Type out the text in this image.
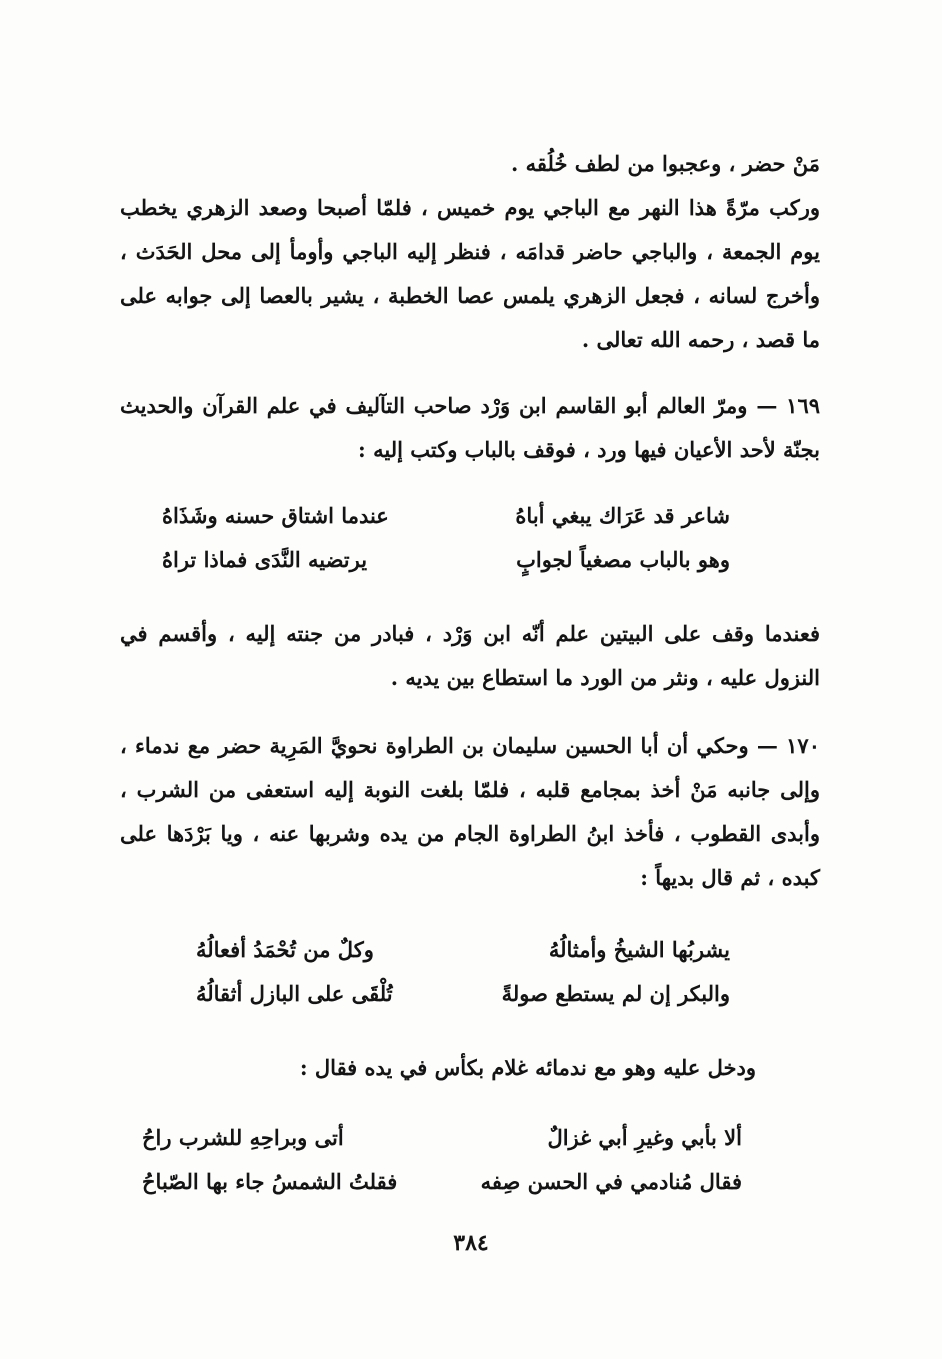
مَنْ حضر ، وعجبوا من لطف خُلُقه .

وركب مرّةً هذا النهر مع الباجي يوم خميس ، فلمّا أصبحا وصعد الزهري يخطب يوم الجمعة ، والباجي حاضر قدامَه ، فنظر إليه الباجي وأومأ إلى محل الحَدَث ، وأخرج لسانه ، فجعل الزهري يلمس عصا الخطبة ، يشير بالعصا إلى جوابه على ما قصد ، رحمه الله تعالى .

١٦٩ — ومرّ العالم أبو القاسم ابن وَرْد صاحب التآليف في علم القرآن والحديث بجنّة لأحد الأعيان فيها ورد ، فوقف بالباب وكتب إليه :

شاعر قد عَرَاك يبغي أباهُ
عندما اشتاق حسنه وشَذَاهُ
وهو بالباب مصغياً لجوابٍ
يرتضيه النَّدَى فماذا تراهُ

فعندما وقف على البيتين علم أنّه ابن وَرْد ، فبادر من جنته إليه ، وأقسم في النزول عليه ، ونثر من الورد ما استطاع بين يديه .

١٧٠ — وحكي أن أبا الحسين سليمان بن الطراوة نحويَّ المَرِية حضر مع ندماء ، وإلى جانبه مَنْ أخذ بمجامع قلبه ، فلمّا بلغت النوبة إليه استعفى من الشرب ، وأبدى القطوب ، فأخذ ابنُ الطراوة الجام من يده وشربها عنه ، ويا بَرْدَها على كبده ، ثم قال بديهاً :

يشربُها الشيخُ وأمثالُهُ
وكلٌ من تُحْمَدُ أفعالُهُ
والبكر إن لم يستطع صولةً
تُلْقَى على البازل أثقالُهُ

ودخل عليه وهو مع ندمائه غلام بكأس في يده فقال :

ألا بأبي وغيرِ أبي غزالٌ
أتى وبراحِهِ للشرب راحُ
فقال مُنادمي في الحسن صِفه
فقلتُ الشمسُ جاء بها الصّباحُ
٣٨٤
